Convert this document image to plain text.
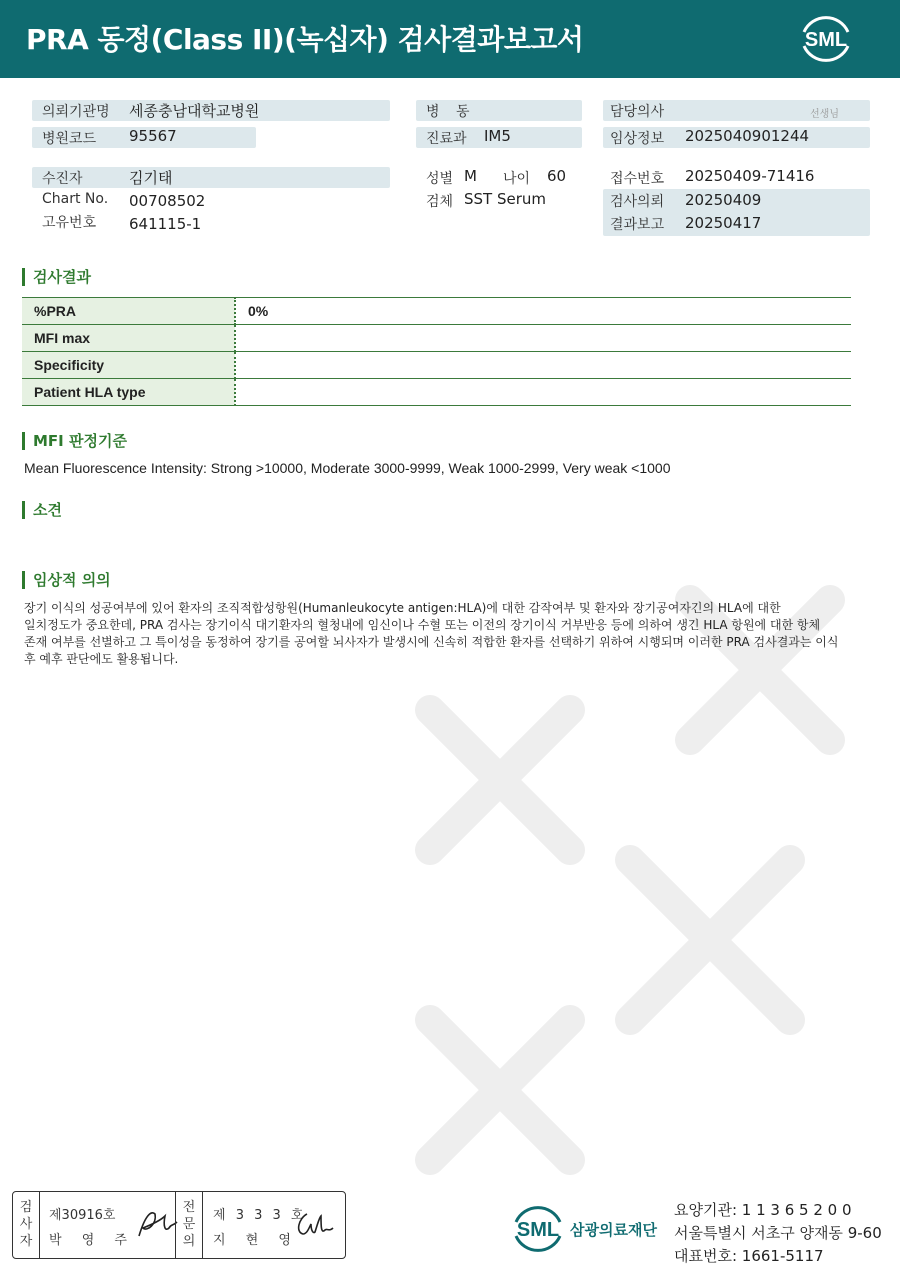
PRA 동정(Class II)(녹십자) 검사결과보고서	SML
의뢰기관명 세종충남대학교병원
병원코드 95567
수진자	김기태
Chart No. 00708502
고유번호 641115-1
병 동
진료과 IM5
성별 M 나이 60
검체 SST Serum
담당의사	선생님
임상정보 2025040901244
접수번호 20250409-71416
검사의뢰 20250409
결과보고 20250417
검사결과
%PRA	0%
MFI max	
Specificity	
Patient HLA type	
MFI 판정기준
Mean Fluorescence Intensity: Strong >10000, Moderate 3000-9999, Weak 1000-2999, Very weak <1000
소견
임상적 의의
장기 이식의 성공여부에 있어 환자의 조직적합성항원(Humanleukocyte antigen:HLA)에 대한 감작여부 및 환자와 장기공여자긴의 HLA에 대한
일치정도가 중요한데, PRA 검사는 장기이식 대기환자의 혈청내에 임신이나 수혈 또는 이전의 장기이식 거부반응 등에 의하여 생긴 HLA 항원에 대한 항체
존재 여부를 선별하고 그 특이성을 동정하여 장기를 공여할 뇌사자가 발생시에 신속히 적합한 환자를 선택하기 위하여 시행되며 이러한 PRA 검사결과는 이식
후 예후 판단에도 활용됩니다.
검
사
자
제30916호
박 영 주
전
문
의
제 3 3 3 호
지 현 영	SML 삼광의료재단
요양기관: 1 1 3 6 5 2 0 0
서울특별시 서초구 양재동 9-60
대표번호: 1661-5117
